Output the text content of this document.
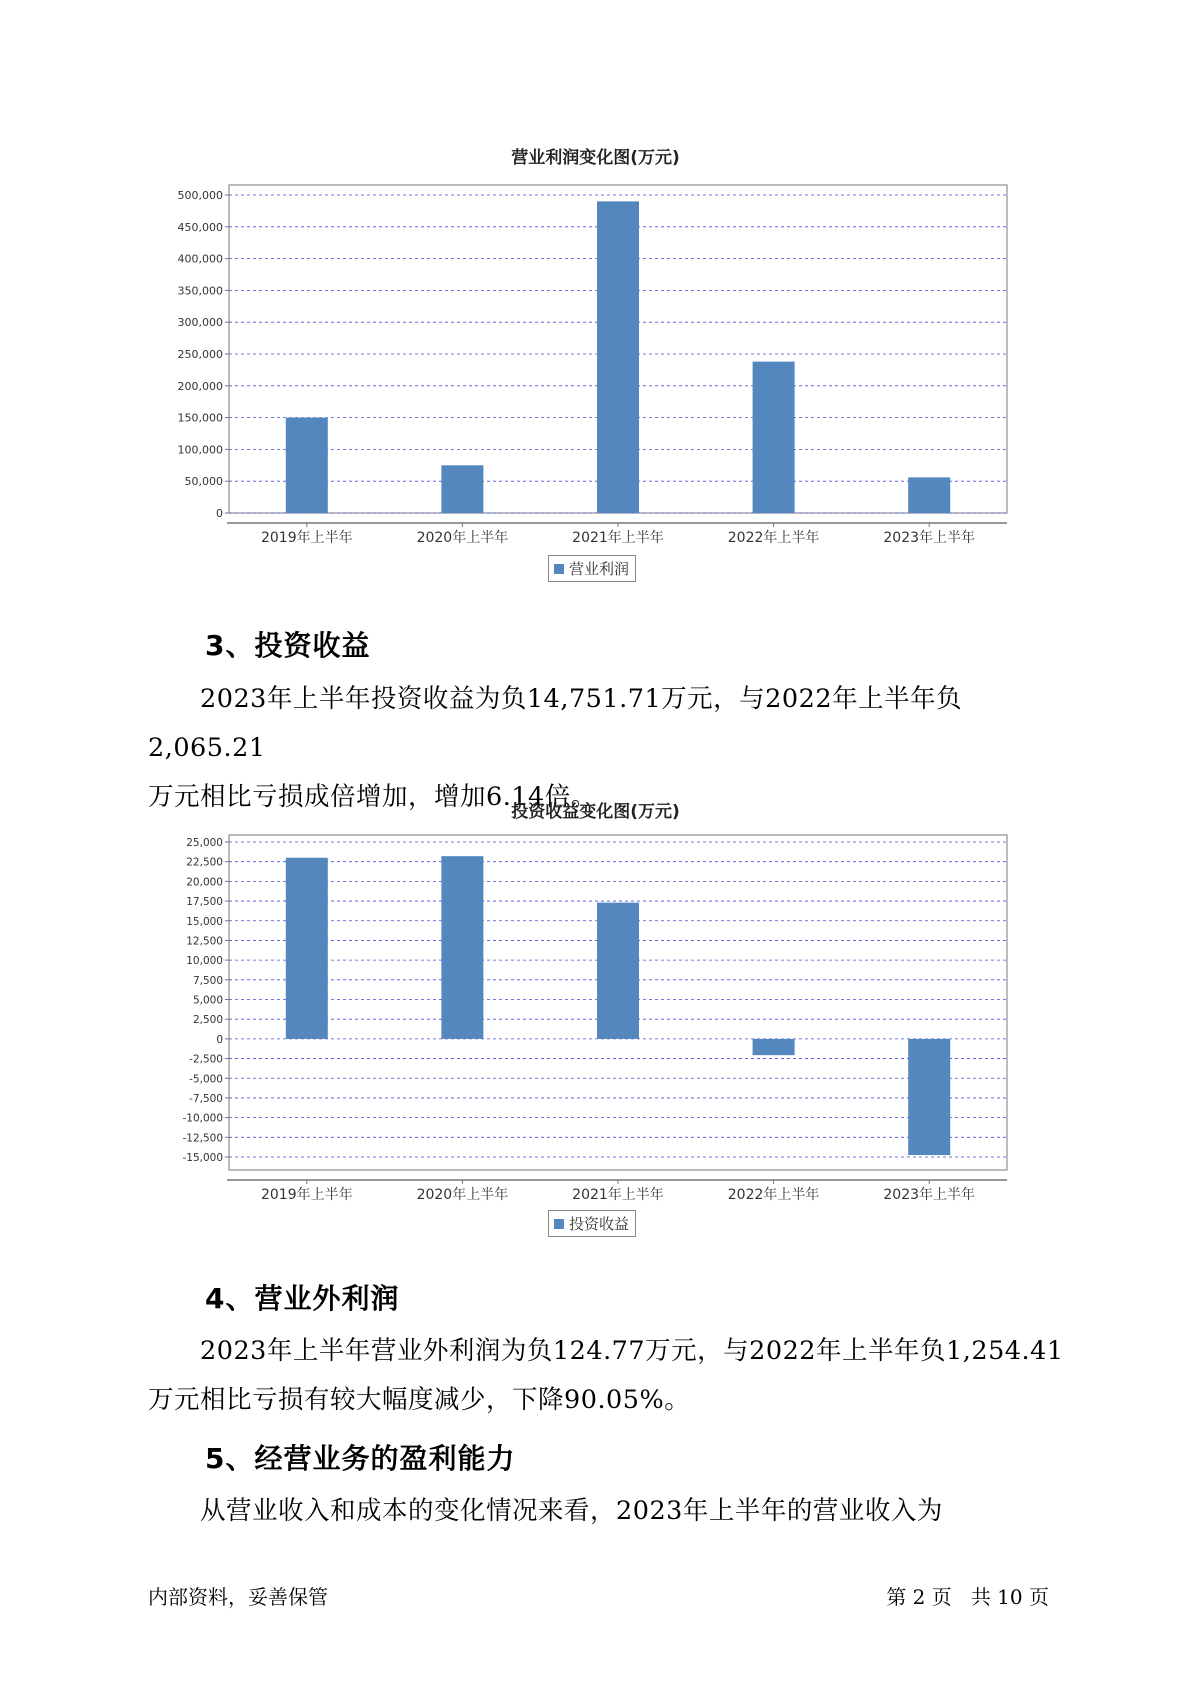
营业利润变化图(万元)
0
50,000
100,000
150,000
200,000
250,000
300,000
350,000
400,000
450,000
500,000
2019年上半年	2020年上半年	2021年上半年	2022年上半年	2023年上半年
营业利润
3、投资收益
2023年上半年投资收益为负14,751.71万元，与2022年上半年负2,065.21
万元相比亏损成倍增加，增加6.14倍。
投资收益变化图(万元)
25,000
22,500
20,000
17,500
15,000
12,500
10,000
7,500
5,000
2,500
0
-2,500
-5,000
-7,500
-10,000
-12,500
-15,000
2019年上半年	2020年上半年	2021年上半年	2022年上半年	2023年上半年
投资收益
4、营业外利润
2023年上半年营业外利润为负124.77万元，与2022年上半年负1,254.41
万元相比亏损有较大幅度减少，下降90.05%。
5、经营业务的盈利能力
从营业收入和成本的变化情况来看，2023年上半年的营业收入为
内部资料，妥善保管	第 2 页   共 10 页
